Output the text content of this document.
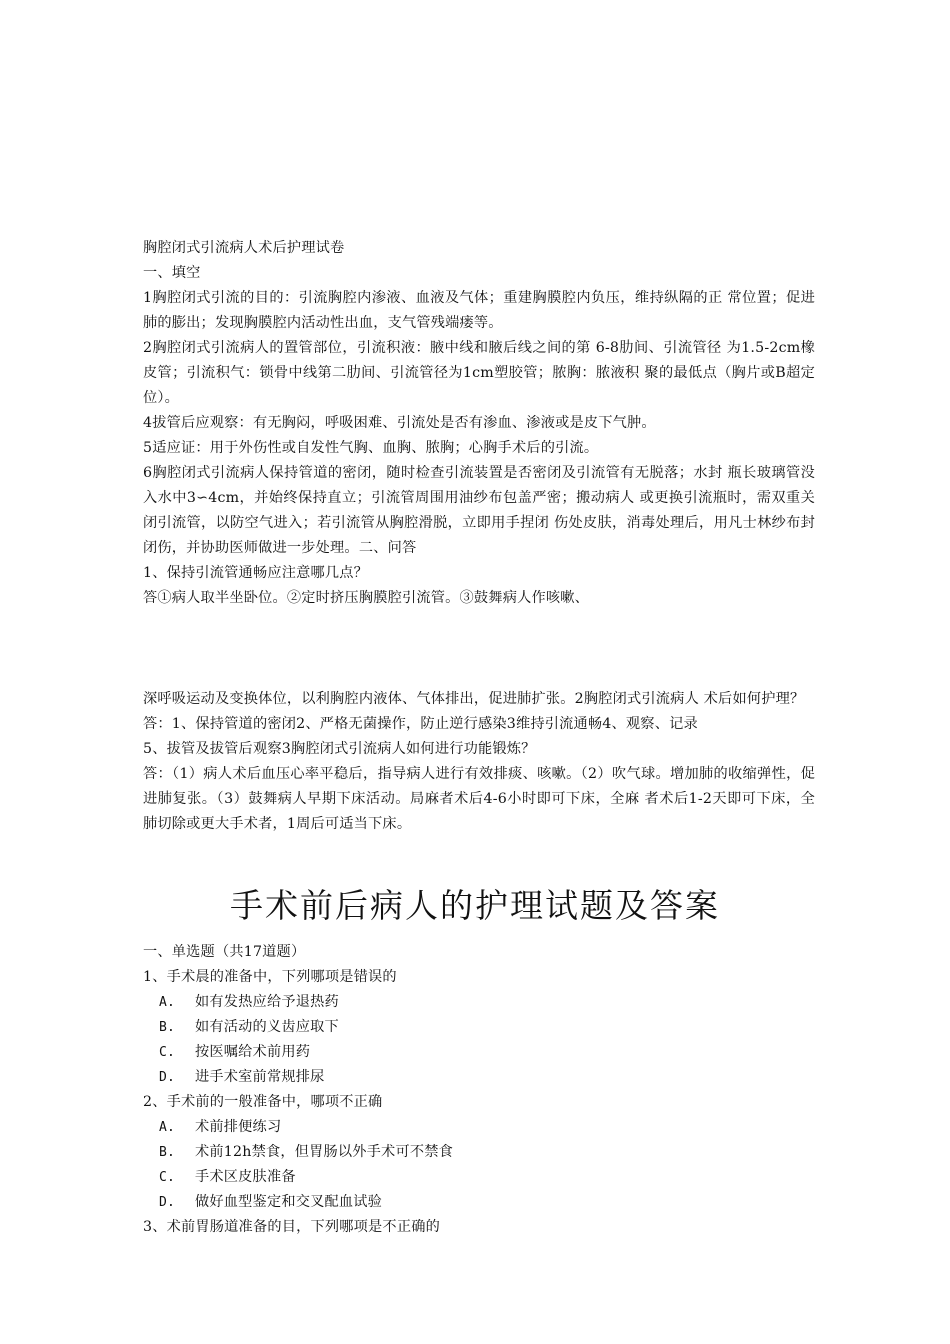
胸腔闭式引流病人术后护理试卷

一、填空

1胸腔闭式引流的目的：引流胸腔内渗液、血液及气体；重建胸膜腔内负压，维持纵隔的正 常位置；促进肺的膨出；发现胸膜腔内活动性出血，支气管残端瘘等。

2胸腔闭式引流病人的置管部位，引流积液：腋中线和腋后线之间的第 6-8肋间、引流管径 为1.5-2cm橡皮管；引流积气：锁骨中线第二肋间、引流管径为1cm塑胶管；脓胸：脓液积 聚的最低点（胸片或B超定位）。

4拔管后应观察：有无胸闷，呼吸困难、引流处是否有渗血、渗液或是皮下气肿。

5适应证：用于外伤性或自发性气胸、血胸、脓胸；心胸手术后的引流。

6胸腔闭式引流病人保持管道的密闭，随时检查引流装置是否密闭及引流管有无脱落；水封 瓶长玻璃管没入水中3∽4cm，并始终保持直立；引流管周围用油纱布包盖严密；搬动病人 或更换引流瓶时，需双重关闭引流管，以防空气进入；若引流管从胸腔滑脱，立即用手捏闭 伤处皮肤，消毒处理后，用凡士林纱布封闭伤，并协助医师做进一步处理。二、问答

1、保持引流管通畅应注意哪几点？

答①病人取半坐卧位。②定时挤压胸膜腔引流管。③鼓舞病人作咳嗽、

深呼吸运动及变换体位，以利胸腔内液体、气体排出，促进肺扩张。2胸腔闭式引流病人 术后如何护理？

答：1、保持管道的密闭2、严格无菌操作，防止逆行感染3维持引流通畅4、观察、记录

5、拔管及拔管后观察3胸腔闭式引流病人如何进行功能锻炼？

答：（1）病人术后血压心率平稳后，指导病人进行有效排痰、咳嗽。（2）吹气球。增加肺的收缩弹性，促进肺复张。（3）鼓舞病人早期下床活动。局麻者术后4-6小时即可下床，全麻 者术后1-2天即可下床，全肺切除或更大手术者，1周后可适当下床。

手术前后病人的护理试题及答案

一、单选题（共17道题）

1、手术晨的准备中，下列哪项是错误的

A.	如有发热应给予退热药
B.	如有活动的义齿应取下
C.	按医嘱给术前用药
D.	进手术室前常规排尿

2、手术前的一般准备中，哪项不正确

A.	术前排便练习
B.	术前12h禁食，但胃肠以外手术可不禁食
C.	手术区皮肤准备
D.	做好血型鉴定和交叉配血试验

3、术前胃肠道准备的目，下列哪项是不正确的
